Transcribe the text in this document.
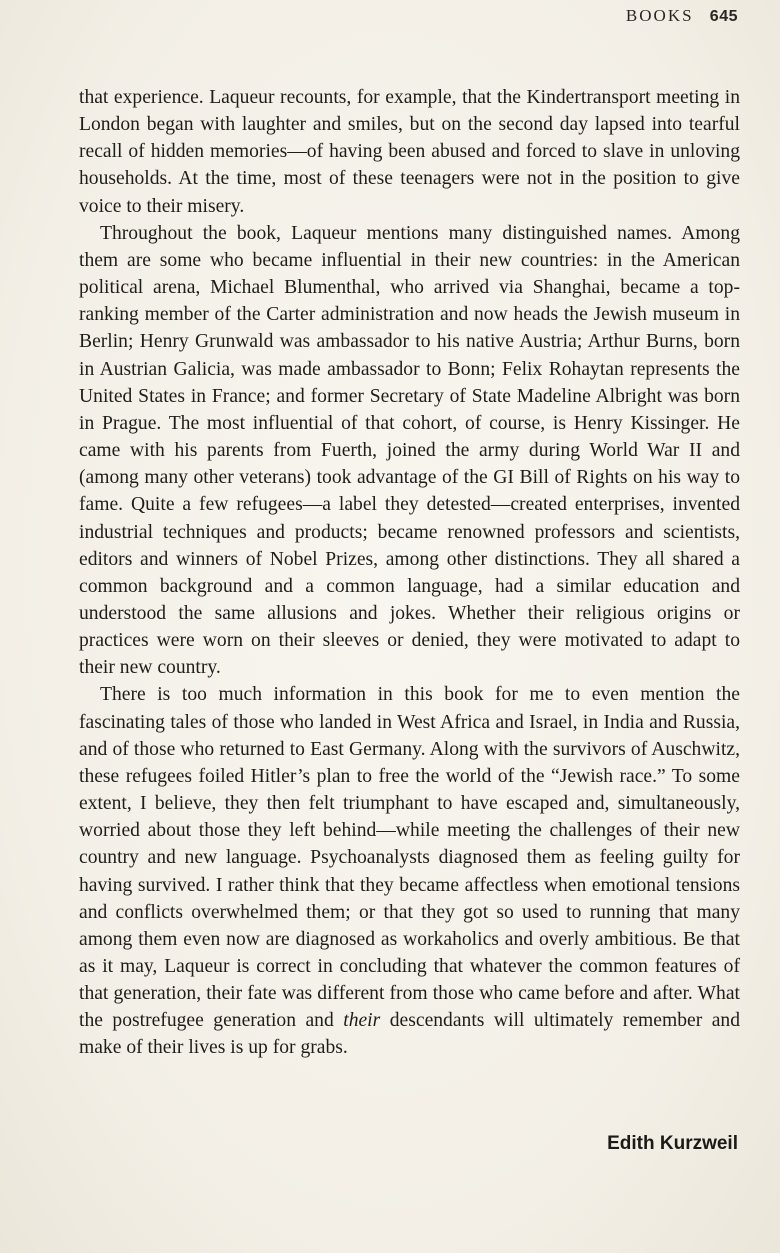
BOOKS 645

that experience. Laqueur recounts, for example, that the Kindertransport meeting in London began with laughter and smiles, but on the second day lapsed into tearful recall of hidden memories—of having been abused and forced to slave in unloving households. At the time, most of these teenagers were not in the position to give voice to their misery.

Throughout the book, Laqueur mentions many distinguished names. Among them are some who became influential in their new countries: in the American political arena, Michael Blumenthal, who arrived via Shanghai, became a top-ranking member of the Carter administration and now heads the Jewish museum in Berlin; Henry Grunwald was ambassador to his native Austria; Arthur Burns, born in Austrian Galicia, was made ambassador to Bonn; Felix Rohaytan represents the United States in France; and former Secretary of State Madeline Albright was born in Prague. The most influential of that cohort, of course, is Henry Kissinger. He came with his parents from Fuerth, joined the army during World War II and (among many other veterans) took advantage of the GI Bill of Rights on his way to fame. Quite a few refugees—a label they detested—created enterprises, invented industrial techniques and products; became renowned professors and scientists, editors and winners of Nobel Prizes, among other distinctions. They all shared a common background and a common language, had a similar education and understood the same allusions and jokes. Whether their religious origins or practices were worn on their sleeves or denied, they were motivated to adapt to their new country.

There is too much information in this book for me to even mention the fascinating tales of those who landed in West Africa and Israel, in India and Russia, and of those who returned to East Germany. Along with the survivors of Auschwitz, these refugees foiled Hitler’s plan to free the world of the “Jewish race.” To some extent, I believe, they then felt triumphant to have escaped and, simultaneously, worried about those they left behind—while meeting the challenges of their new country and new language. Psychoanalysts diagnosed them as feeling guilty for having survived. I rather think that they became affectless when emotional tensions and conflicts overwhelmed them; or that they got so used to running that many among them even now are diagnosed as workaholics and overly ambitious. Be that as it may, Laqueur is correct in concluding that whatever the common features of that generation, their fate was different from those who came before and after. What the postrefugee generation and their descendants will ultimately remember and make of their lives is up for grabs.

Edith Kurzweil
